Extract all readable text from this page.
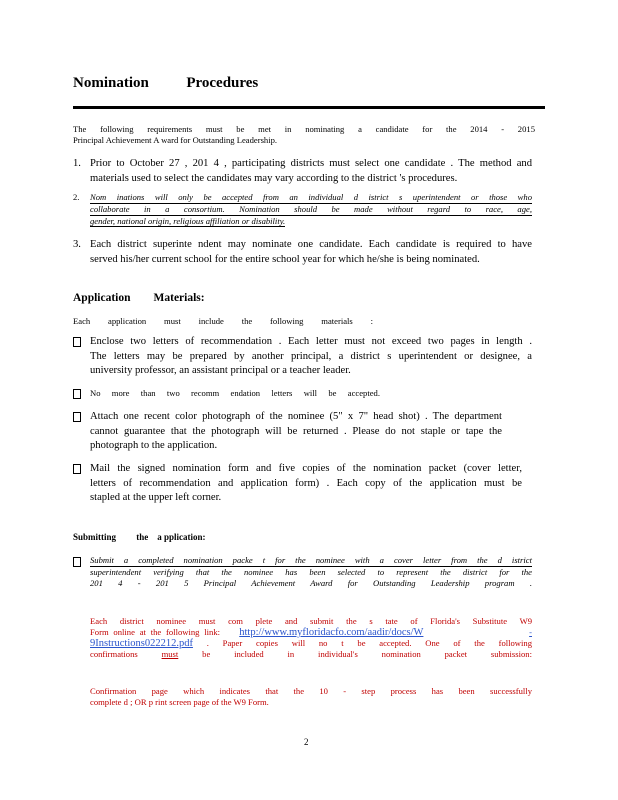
Nomination          Procedures
The following requirements must be met in nominating a candidate for the 2014 - 2015
Principal Achievement A ward for Outstanding Leadership.
1. Prior to October 27 , 201 4 , participating districts must select one candidate . The method and
materials used to select the candidates may vary according to the district 's procedures.
2. Nom inations will only be accepted from an individual d istrict s uperintendent or those who
collaborate in a consortium. Nomination should be made without regard to race, age,
gender, national origin, religious affiliation or disability.
3. Each district superinte ndent may nominate one candidate. Each candidate is required to have
served his/her current school for the entire school year for which he/she is being nominated.
Application        Materials:
Each application must include the following materials :
Enclose two letters of recommendation . Each letter must not exceed two pages in length .
The letters may be prepared by another principal, a district s uperintendent or designee, a
university professor, an assistant principal or a teacher leader.
No more than two recomm endation letters will be accepted.
Attach one recent color photograph of the nominee (5" x 7" head shot) . The department
cannot guarantee that the photograph will be returned . Please do not staple or tape the
photograph to the application.
Mail the signed nomination form and five copies of the nomination packet (cover letter,
letters of recommendation and application form) . Each copy of the application must be
stapled at the upper left corner.
Submitting         the    a pplication:
Submit a completed nomination packe t for the nominee with a cover letter from the d istrict
superintendent verifying that the nominee has been selected to represent the district for the
201 4 - 201 5 Principal Achievement Award for Outstanding Leadership program .
Each district nominee must com plete and submit the s tate of Florida's Substitute W9
Form online at the following link: http://www.myfloridacfo.com/aadir/docs/W	-
9Instructions022212.pdf . Paper copies will no t be accepted. One of the following
confirmations	must	be included in individual's nomination packet submission:
Confirmation page which indicates that the 10 - step process has been successfully
complete d ; OR p rint screen page of the W9 Form.
2
